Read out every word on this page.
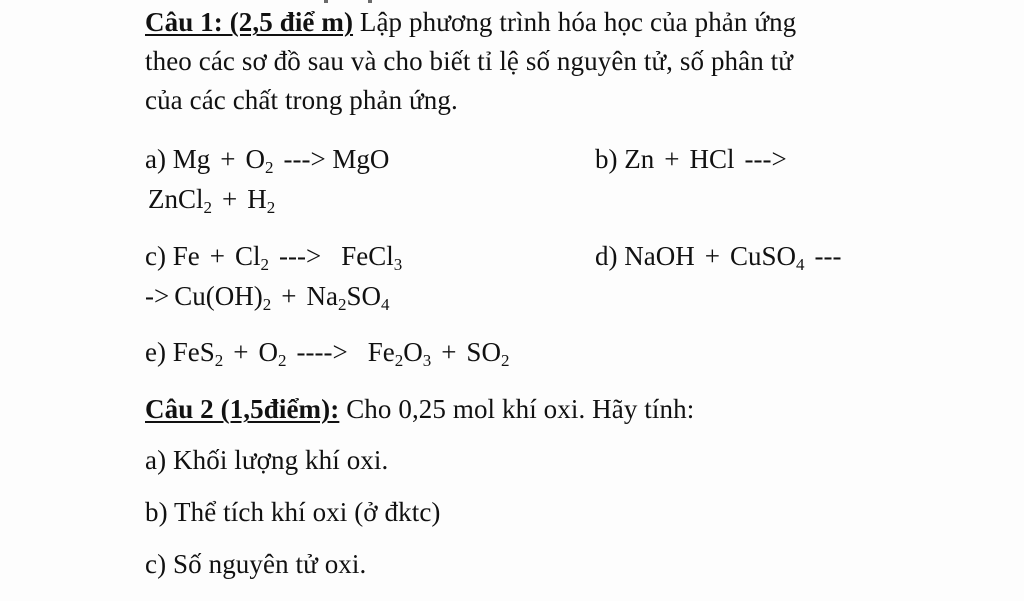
Câu 1: (2,5 điể m) Lập phương trình hóa học của phản ứng
theo các sơ đồ sau và cho biết tỉ lệ số nguyên tử, số phân tử
của các chất trong phản ứng.
a) $Mg + O_2$ ---> MgO	b) Zn + HCl --->
ZnCl$_2$ + $H_2$
c) $Fe + Cl_2$ ---> FeCl$_3$	d) NaOH + CuSO$_4$ ---
-> $Cu(OH)_2 + Na_2SO_4$
e) $FeS_2 + O_2$ ----> $Fe_2O_3 + SO_2$
Câu 2 (1,5điểm): Cho 0,25 mol khí oxi. Hãy tính:
a) Khối lượng khí oxi.
b) Thể tích khí oxi (ở đktc)
c) Số nguyên tử oxi.
